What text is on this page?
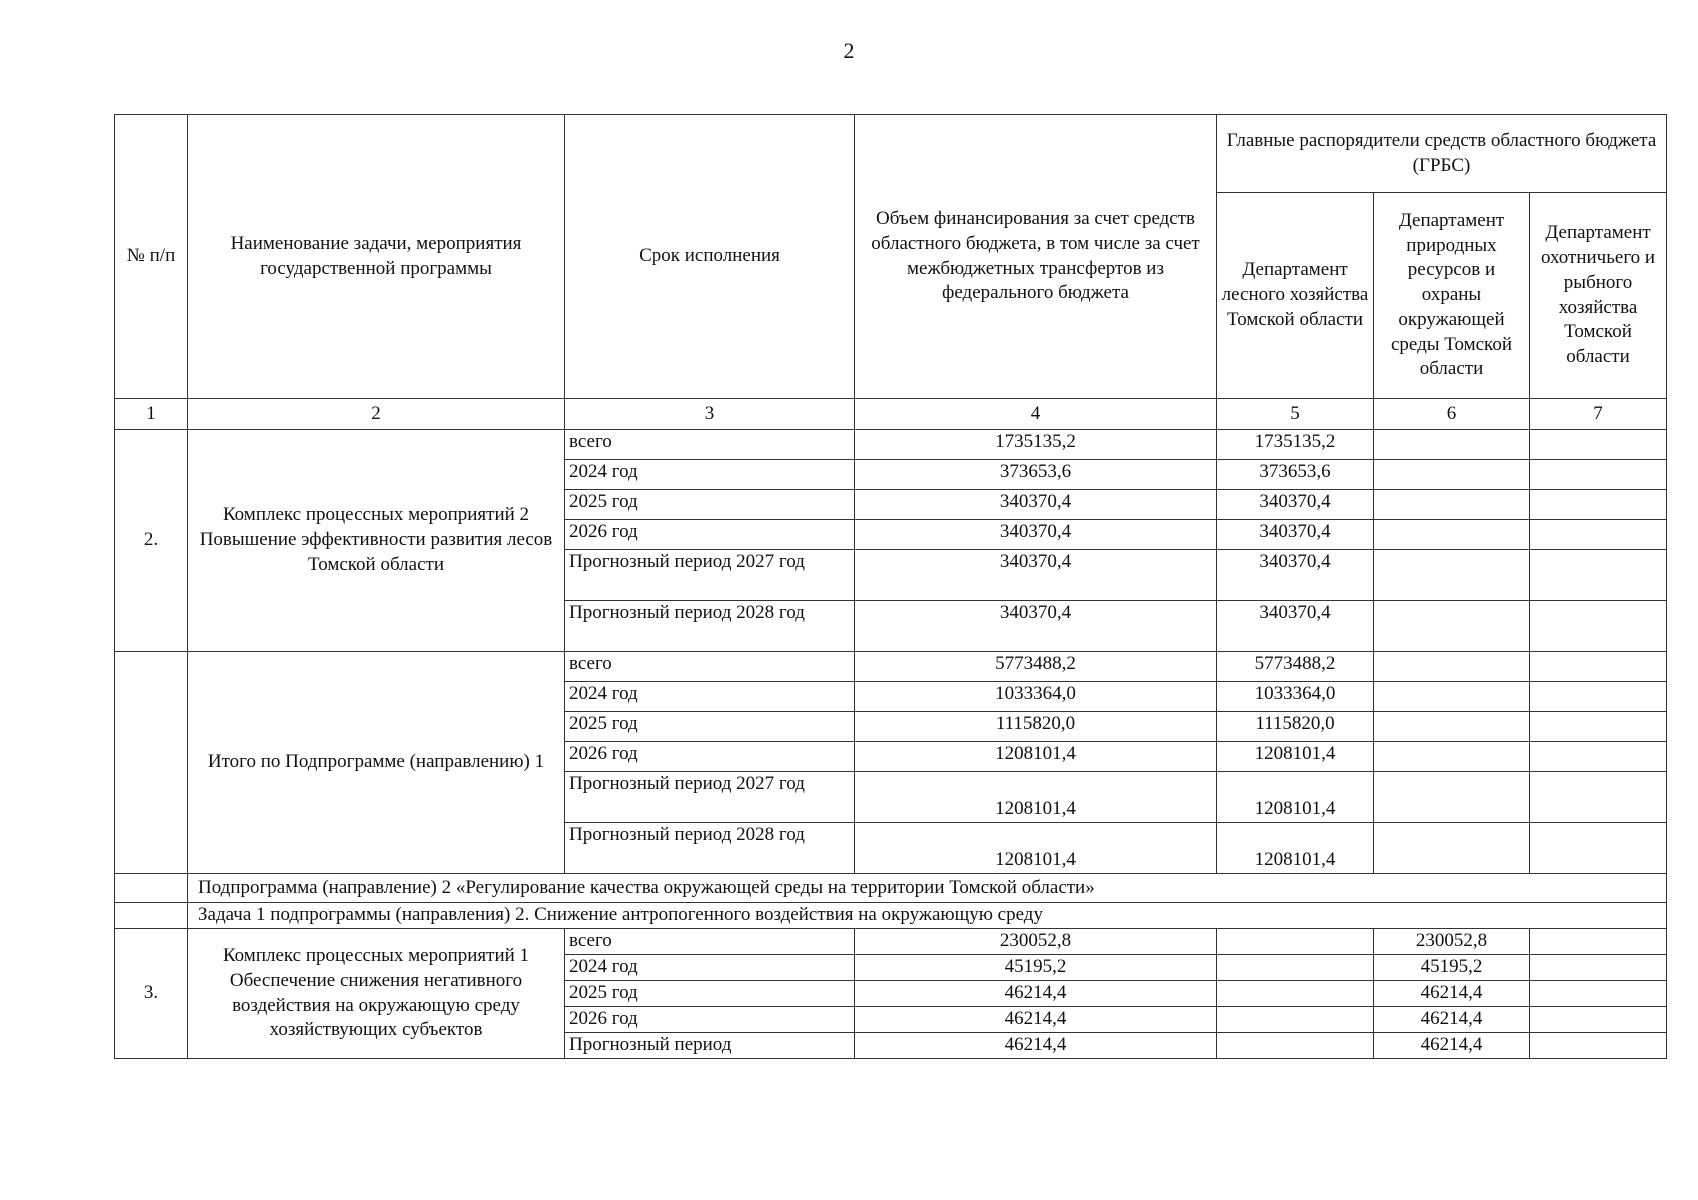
2
№ п/п	Наименование задачи, мероприятия государственной программы	Срок исполнения	Объем финансирования за счет средств областного бюджета, в том числе за счет межбюджетных трансфертов из федерального бюджета	Главные распорядители средств областного бюджета (ГРБС)		
				Департамент лесного хозяйства Томской области	Департамент природных ресурсов и охраны окружающей среды Томской области	Департамент охотничьего и рыбного хозяйства Томской области
1	2	3	4	5	6	7
2.	Комплекс процессных мероприятий 2 Повышение эффективности развития лесов Томской области	всего	1735135,2	1735135,2		
		2024 год	373653,6	373653,6		
		2025 год	340370,4	340370,4		
		2026 год	340370,4	340370,4		
		Прогнозный период 2027 год	340370,4	340370,4		
		Прогнозный период 2028 год	340370,4	340370,4		
	Итого по Подпрограмме (направлению) 1	всего	5773488,2	5773488,2		
		2024 год	1033364,0	1033364,0		
		2025 год	1115820,0	1115820,0		
		2026 год	1208101,4	1208101,4		
		Прогнозный период 2027 год	1208101,4	1208101,4		
		Прогнозный период 2028 год	1208101,4	1208101,4		
	Подпрограмма (направление) 2 «Регулирование качества окружающей среды на территории Томской области»					
	Задача 1 подпрограммы (направления) 2. Снижение антропогенного воздействия на окружающую среду					
3.	Комплекс процессных мероприятий 1 Обеспечение снижения негативного воздействия на окружающую среду хозяйствующих субъектов	всего	230052,8		230052,8	
		2024 год	45195,2		45195,2	
		2025 год	46214,4		46214,4	
		2026 год	46214,4		46214,4	
		Прогнозный период	46214,4		46214,4	
